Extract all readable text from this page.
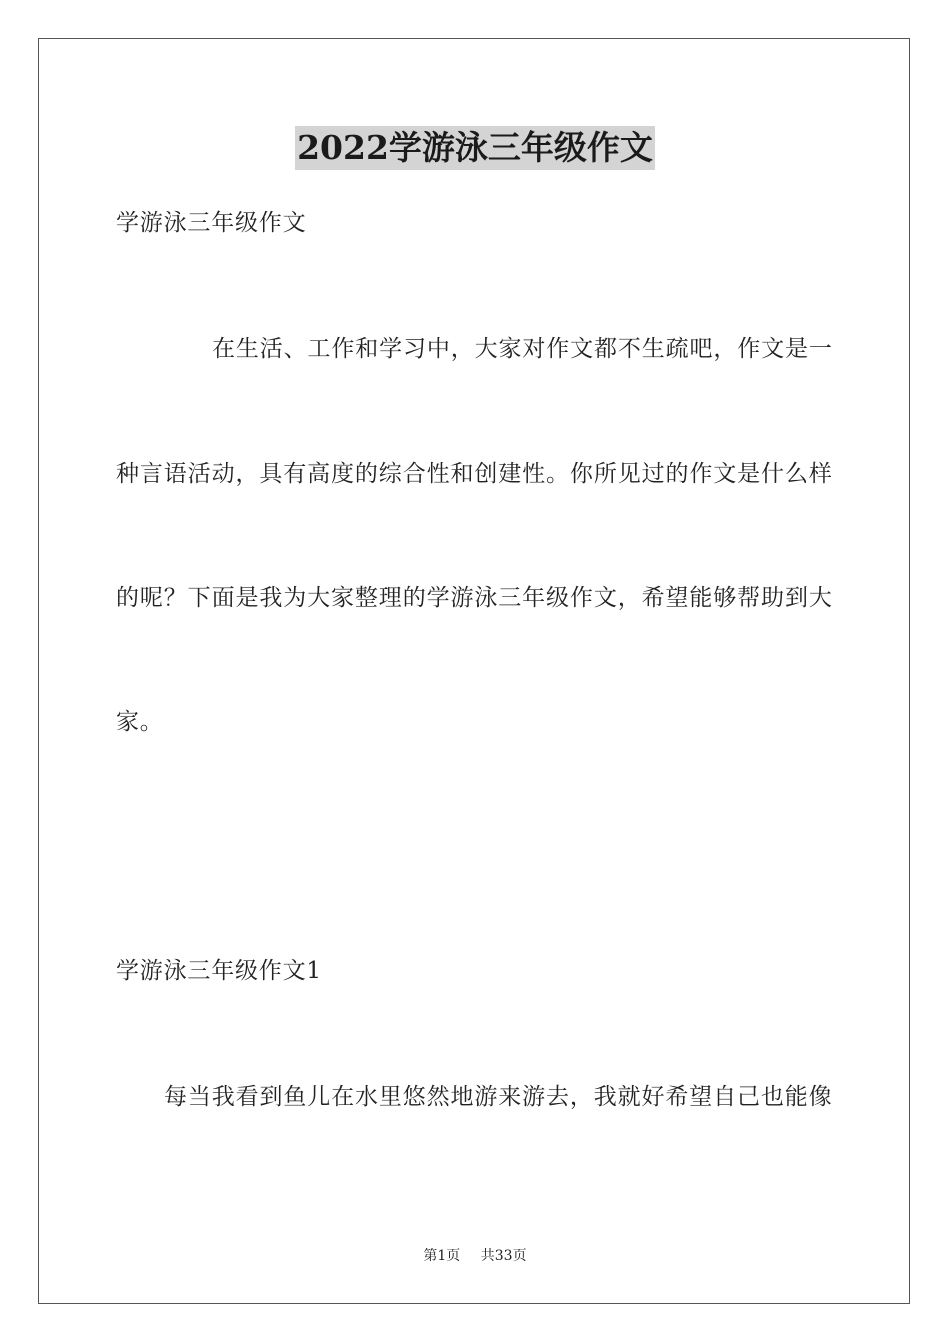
2022学游泳三年级作文
学游泳三年级作文
在 生 活 、 工 作 和 学 习 中 ， 大 家 对 作 文 都 不 生 疏 吧 ， 作 文 是 一
种 言 语 活 动 ， 具 有 高 度 的 综 合 性 和 创 建 性 。 你 所 见 过 的 作 文 是 什 么 样
的 呢 ？ 下 面 是 我 为 大 家 整 理 的 学 游 泳 三 年 级 作 文 ， 希 望 能 够 帮 助 到 大
家。
学游泳三年级作文1
每 当 我 看 到 鱼 儿 在 水 里 悠 然 地 游 来 游 去 ， 我 就 好 希 望 自 己 也 能 像
第1页 共33页
